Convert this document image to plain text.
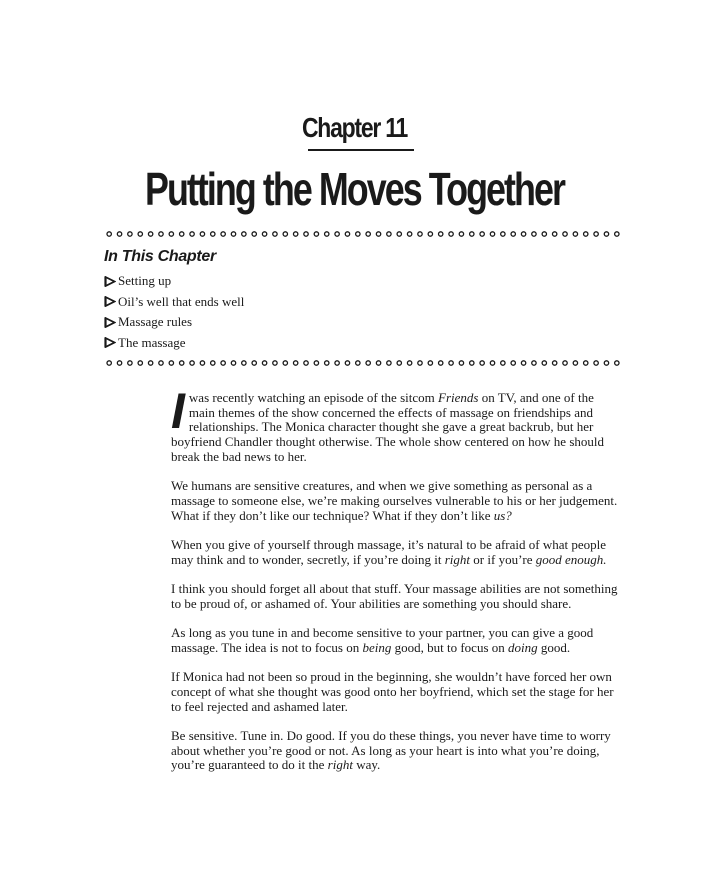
Chapter 11
Putting the Moves Together
In This Chapter
Setting up
Oil’s well that ends well
Massage rules
The massage

I was recently watching an episode of the sitcom Friends on TV, and one of the main themes of the show concerned the effects of massage on friendships and relationships. The Monica character thought she gave a great backrub, but her boyfriend Chandler thought otherwise. The whole show centered on how he should break the bad news to her.

We humans are sensitive creatures, and when we give something as personal as a massage to someone else, we’re making ourselves vulnerable to his or her judgement. What if they don’t like our technique? What if they don’t like us?

When you give of yourself through massage, it’s natural to be afraid of what people may think and to wonder, secretly, if you’re doing it right or if you’re good enough.

I think you should forget all about that stuff. Your massage abilities are not something to be proud of, or ashamed of. Your abilities are something you should share.

As long as you tune in and become sensitive to your partner, you can give a good massage. The idea is not to focus on being good, but to focus on doing good.

If Monica had not been so proud in the beginning, she wouldn’t have forced her own concept of what she thought was good onto her boyfriend, which set the stage for her to feel rejected and ashamed later.

Be sensitive. Tune in. Do good. If you do these things, you never have time to worry about whether you’re good or not. As long as your heart is into what you’re doing, you’re guaranteed to do it the right way.
